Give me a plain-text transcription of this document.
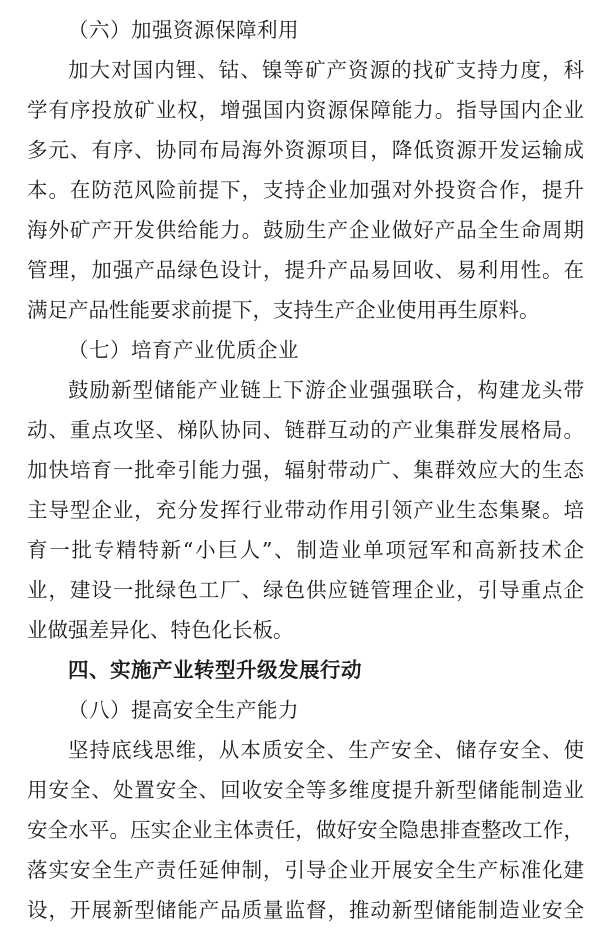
（六）加强资源保障利用
加大对国内锂、钴、镍等矿产资源的找矿支持力度，科
学有序投放矿业权，增强国内资源保障能力。指导国内企业
多元、有序、协同布局海外资源项目，降低资源开发运输成
本。在防范风险前提下，支持企业加强对外投资合作，提升
海外矿产开发供给能力。鼓励生产企业做好产品全生命周期
管理，加强产品绿色设计，提升产品易回收、易利用性。在
满足产品性能要求前提下，支持生产企业使用再生原料。
（七）培育产业优质企业
鼓励新型储能产业链上下游企业强强联合，构建龙头带
动、重点攻坚、梯队协同、链群互动的产业集群发展格局。
加快培育一批牵引能力强，辐射带动广、集群效应大的生态
主导型企业，充分发挥行业带动作用引领产业生态集聚。培
育一批专精特新“小巨人”、制造业单项冠军和高新技术企
业，建设一批绿色工厂、绿色供应链管理企业，引导重点企
业做强差异化、特色化长板。
四、实施产业转型升级发展行动
（八）提高安全生产能力
坚持底线思维，从本质安全、生产安全、储存安全、使
用安全、处置安全、回收安全等多维度提升新型储能制造业
安全水平。压实企业主体责任，做好安全隐患排查整改工作，
落实安全生产责任延伸制，引导企业开展安全生产标准化建
设，开展新型储能产品质量监督，推动新型储能制造业安全
